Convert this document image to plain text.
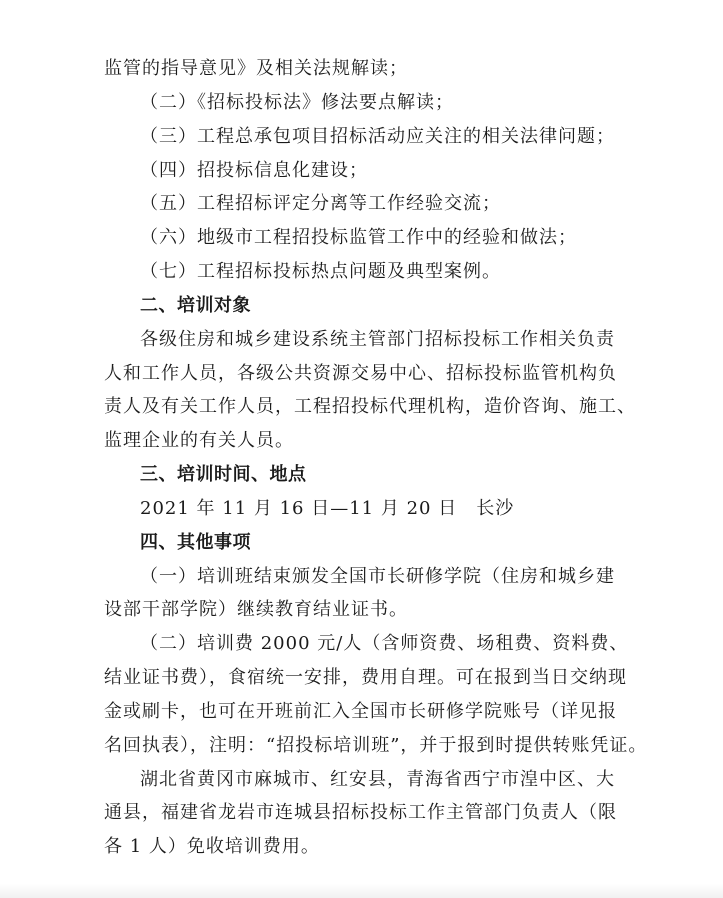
监管的指导意见》及相关法规解读；
（二）《招标投标法》修法要点解读；
（三）工程总承包项目招标活动应关注的相关法律问题；
（四）招投标信息化建设；
（五）工程招标评定分离等工作经验交流；
（六）地级市工程招投标监管工作中的经验和做法；
（七）工程招标投标热点问题及典型案例。
二、培训对象
各级住房和城乡建设系统主管部门招标投标工作相关负责
人和工作人员，各级公共资源交易中心、招标投标监管机构负
责人及有关工作人员，工程招投标代理机构，造价咨询、施工、
监理企业的有关人员。
三、培训时间、地点
2021 年 11 月 16 日—11 月 20 日　长沙
四、其他事项
（一）培训班结束颁发全国市长研修学院（住房和城乡建
设部干部学院）继续教育结业证书。
（二）培训费 2000 元/人（含师资费、场租费、资料费、
结业证书费），食宿统一安排，费用自理。可在报到当日交纳现
金或刷卡，也可在开班前汇入全国市长研修学院账号（详见报
名回执表），注明：“招投标培训班”，并于报到时提供转账凭证。
湖北省黄冈市麻城市、红安县，青海省西宁市湟中区、大
通县，福建省龙岩市连城县招标投标工作主管部门负责人（限
各 1 人）免收培训费用。
